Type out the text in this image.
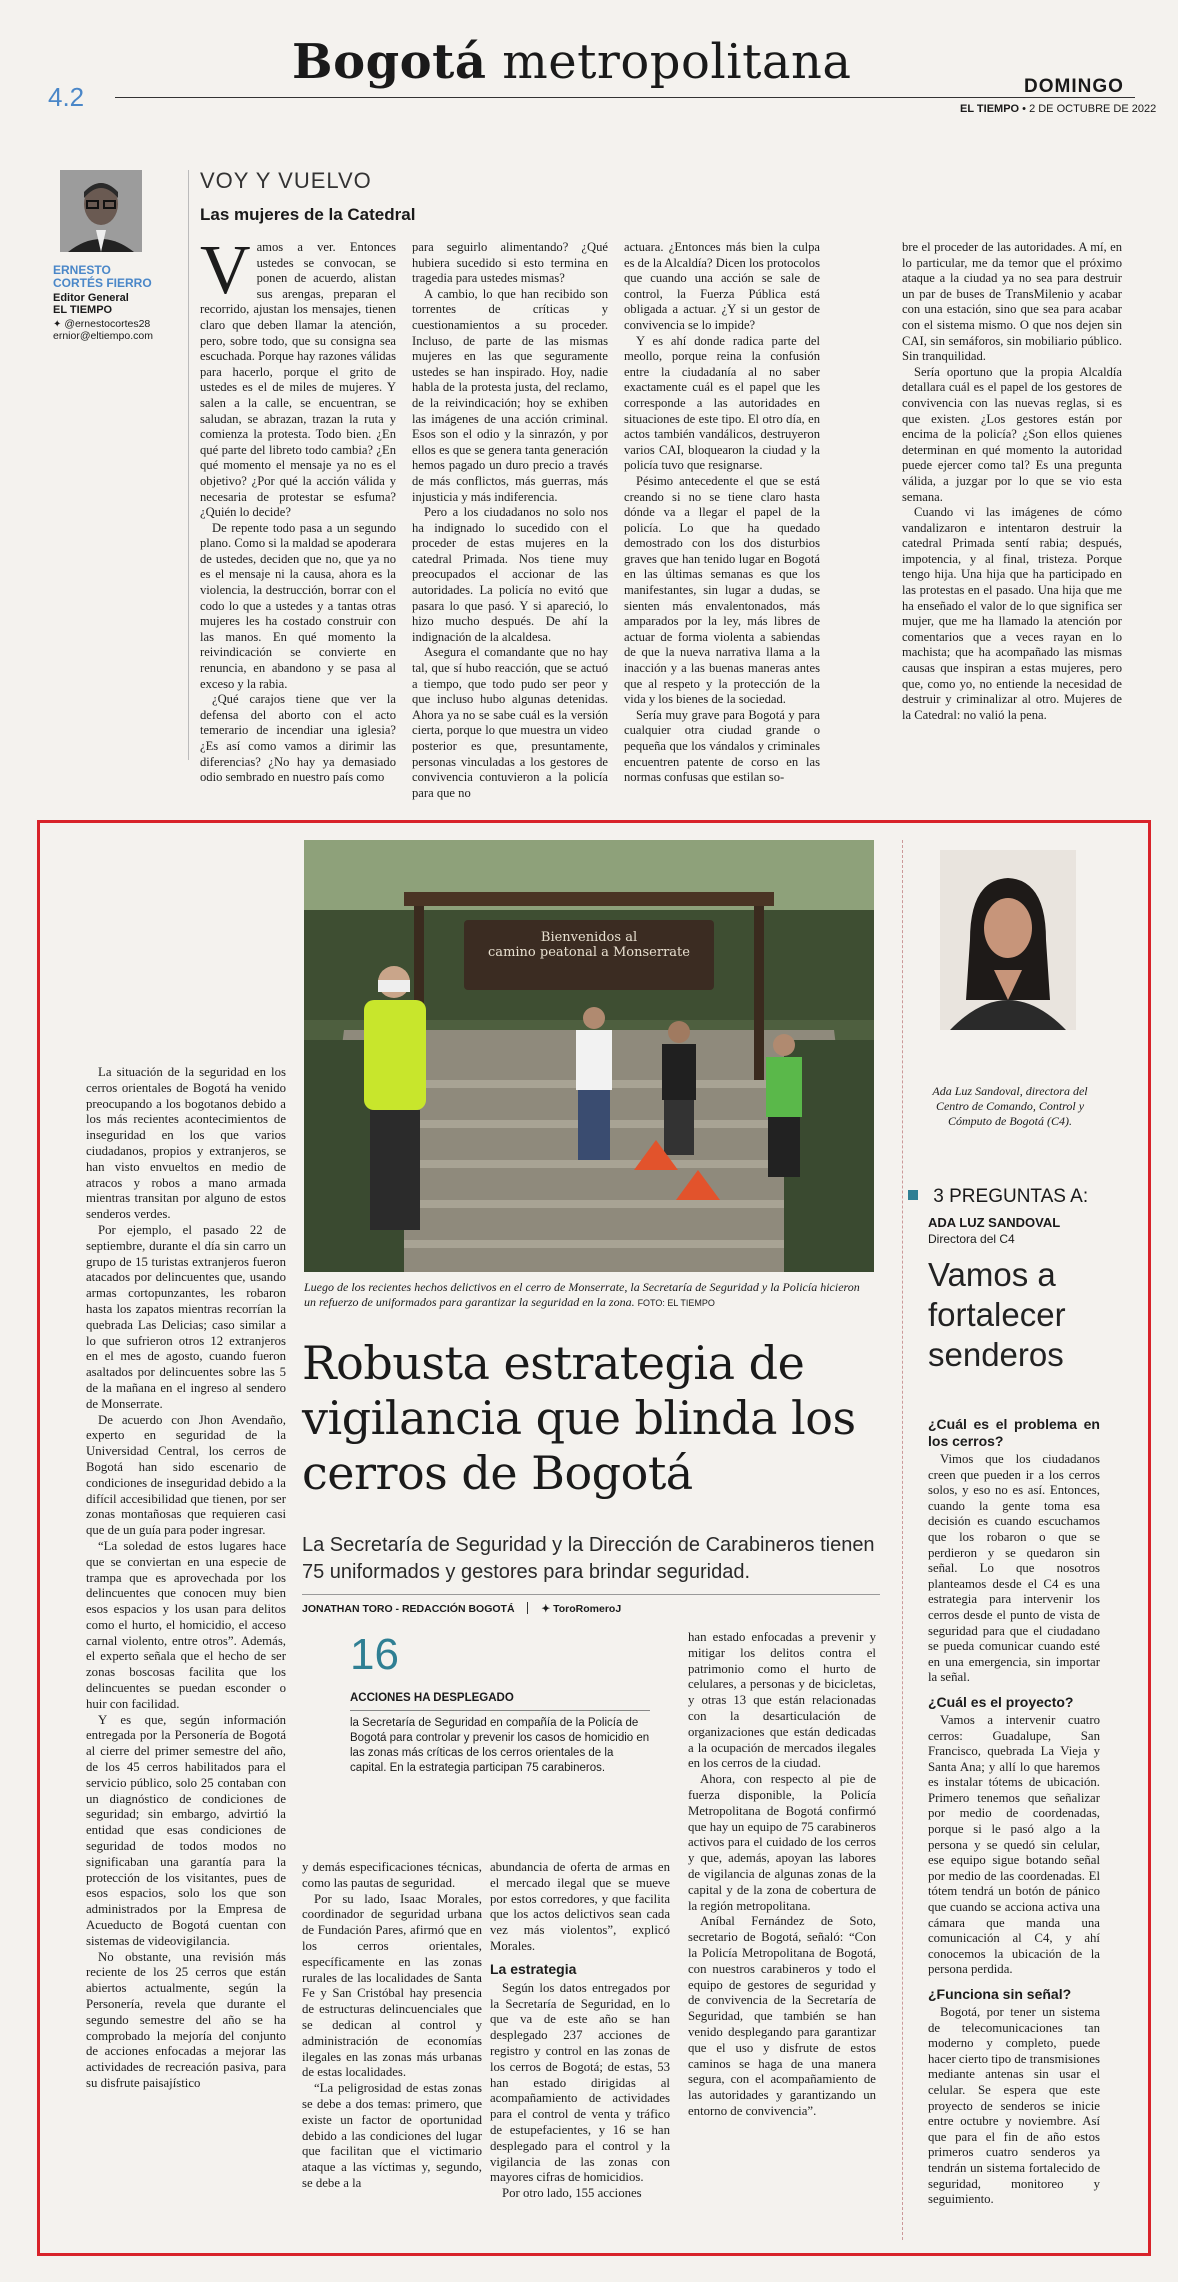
4.2
Bogotá metropolitana	DOMINGO
EL TIEMPO • 2 DE OCTUBRE DE 2022
ERNESTO CORTÉS FIERRO
Editor General
EL TIEMPO
✦ @ernestocortes28
ernior@eltiempo.com
VOY Y VUELVO
Las mujeres de la Catedral
V amos a ver. Entonces ustedes se convocan, se ponen de acuerdo, alistan sus arengas, preparan el recorrido, ajustan los mensajes, tienen claro que deben llamar la atención, pero, sobre todo, que su consigna sea escuchada. Porque hay razones válidas para hacerlo, porque el grito de ustedes es el de miles de mujeres. Y salen a la calle, se encuentran, se saludan, se abrazan, trazan la ruta y comienza la protesta. Todo bien. ¿En qué parte del libreto todo cambia? ¿En qué momento el mensaje ya no es el objetivo? ¿Por qué la acción válida y necesaria de protestar se esfuma? ¿Quién lo decide?

De repente todo pasa a un segundo plano. Como si la maldad se apoderara de ustedes, deciden que no, que ya no es el mensaje ni la causa, ahora es la violencia, la destrucción, borrar con el codo lo que a ustedes y a tantas otras mujeres les ha costado construir con las manos. En qué momento la reivindicación se convierte en renuncia, en abandono y se pasa al exceso y la rabia.

¿Qué carajos tiene que ver la defensa del aborto con el acto temerario de incendiar una iglesia? ¿Es así como vamos a dirimir las diferencias? ¿No hay ya demasiado odio sembrado en nuestro país como

para seguirlo alimentando? ¿Qué hubiera sucedido si esto termina en tragedia para ustedes mismas?

A cambio, lo que han recibido son torrentes de críticas y cuestionamientos a su proceder. Incluso, de parte de las mismas mujeres en las que seguramente ustedes se han inspirado. Hoy, nadie habla de la protesta justa, del reclamo, de la reivindicación; hoy se exhiben las imágenes de una acción criminal. Esos son el odio y la sinrazón, y por ellos es que se genera tanta generación hemos pagado un duro precio a través de más conflictos, más guerras, más injusticia y más indiferencia.

Pero a los ciudadanos no solo nos ha indignado lo sucedido con el proceder de estas mujeres en la catedral Primada. Nos tiene muy preocupados el accionar de las autoridades. La policía no evitó que pasara lo que pasó. Y si apareció, lo hizo mucho después. De ahí la indignación de la alcaldesa.

Asegura el comandante que no hay tal, que sí hubo reacción, que se actuó a tiempo, que todo pudo ser peor y que incluso hubo algunas detenidas. Ahora ya no se sabe cuál es la versión cierta, porque lo que muestra un video posterior es que, presuntamente, personas vinculadas a los gestores de convivencia contuvieron a la policía para que no

actuara. ¿Entonces más bien la culpa es de la Alcaldía? Dicen los protocolos que cuando una acción se sale de control, la Fuerza Pública está obligada a actuar. ¿Y si un gestor de convivencia se lo impide?

Y es ahí donde radica parte del meollo, porque reina la confusión entre la ciudadanía al no saber exactamente cuál es el papel que les corresponde a las autoridades en situaciones de este tipo. El otro día, en actos también vandálicos, destruyeron varios CAI, bloquearon la ciudad y la policía tuvo que resignarse.

Pésimo antecedente el que se está creando si no se tiene claro hasta dónde va a llegar el papel de la policía. Lo que ha quedado demostrado con los dos disturbios graves que han tenido lugar en Bogotá en las últimas semanas es que los manifestantes, sin lugar a dudas, se sienten más envalentonados, más amparados por la ley, más libres de actuar de forma violenta a sabiendas de que la nueva narrativa llama a la inacción y a las buenas maneras antes que al respeto y la protección de la vida y los bienes de la sociedad.

Sería muy grave para Bogotá y para cualquier otra ciudad grande o pequeña que los vándalos y criminales encuentren patente de corso en las normas confusas que estilan so-

bre el proceder de las autoridades. A mí, en lo particular, me da temor que el próximo ataque a la ciudad ya no sea para destruir un par de buses de TransMilenio y acabar con una estación, sino que sea para acabar con el sistema mismo. O que nos dejen sin CAI, sin semáforos, sin mobiliario público. Sin tranquilidad.

Sería oportuno que la propia Alcaldía detallara cuál es el papel de los gestores de convivencia con las nuevas reglas, si es que existen. ¿Los gestores están por encima de la policía? ¿Son ellos quienes determinan en qué momento la autoridad puede ejercer como tal? Es una pregunta válida, a juzgar por lo que se vio esta semana.

Cuando vi las imágenes de cómo vandalizaron e intentaron destruir la catedral Primada sentí rabia; después, impotencia, y al final, tristeza. Porque tengo hija. Una hija que ha participado en las protestas en el pasado. Una hija que me ha enseñado el valor de lo que significa ser mujer, que me ha llamado la atención por comentarios que a veces rayan en lo machista; que ha acompañado las mismas causas que inspiran a estas mujeres, pero que, como yo, no entiende la necesidad de destruir y criminalizar al otro. Mujeres de la Catedral: no valió la pena.

Bienvenidos al
camino peatonal a Monserrate
Luego de los recientes hechos delictivos en el cerro de Monserrate, la Secretaría de Seguridad y la Policía hicieron un refuerzo de uniformados para garantizar la seguridad en la zona. FOTO: EL TIEMPO
Robusta estrategia de vigilancia que blinda los cerros de Bogotá
La Secretaría de Seguridad y la Dirección de Carabineros tienen 75 uniformados y gestores para brindar seguridad.
JONATHAN TORO - REDACCIÓN BOGOTÁ	✦ ToroRomeroJ

La situación de la seguridad en los cerros orientales de Bogotá ha venido preocupando a los bogotanos debido a los más recientes acontecimientos de inseguridad en los que varios ciudadanos, propios y extranjeros, se han visto envueltos en medio de atracos y robos a mano armada mientras transitan por alguno de estos senderos verdes.

Por ejemplo, el pasado 22 de septiembre, durante el día sin carro un grupo de 15 turistas extranjeros fueron atacados por delincuentes que, usando armas cortopunzantes, les robaron hasta los zapatos mientras recorrían la quebrada Las Delicias; caso similar a lo que sufrieron otros 12 extranjeros en el mes de agosto, cuando fueron asaltados por delincuentes sobre las 5 de la mañana en el ingreso al sendero de Monserrate.

De acuerdo con Jhon Avendaño, experto en seguridad de la Universidad Central, los cerros de Bogotá han sido escenario de condiciones de inseguridad debido a la difícil accesibilidad que tienen, por ser zonas montañosas que requieren casi que de un guía para poder ingresar.

“La soledad de estos lugares hace que se conviertan en una especie de trampa que es aprovechada por los delincuentes que conocen muy bien esos espacios y los usan para delitos como el hurto, el homicidio, el acceso carnal violento, entre otros”. Además, el experto señala que el hecho de ser zonas boscosas facilita que los delincuentes se puedan esconder o huir con facilidad.

Y es que, según información entregada por la Personería de Bogotá al cierre del primer semestre del año, de los 45 cerros habilitados para el servicio público, solo 25 contaban con un diagnóstico de condiciones de seguridad; sin embargo, advirtió la entidad que esas condiciones de seguridad de todos modos no significaban una garantía para la protección de los visitantes, pues de esos espacios, solo los que son administrados por la Empresa de Acueducto de Bogotá cuentan con sistemas de videovigilancia.

No obstante, una revisión más reciente de los 25 cerros que están abiertos actualmente, según la Personería, revela que durante el segundo semestre del año se ha comprobado la mejoría del conjunto de acciones enfocadas a mejorar las actividades de recreación pasiva, para su disfrute paisajístico

16
ACCIONES HA DESPLEGADO
la Secretaría de Seguridad en compañía de la Policía de Bogotá para controlar y prevenir los casos de homicidio en las zonas más críticas de los cerros orientales de la capital. En la estrategia participan 75 carabineros.

y demás especificaciones técnicas, como las pautas de seguridad.

Por su lado, Isaac Morales, coordinador de seguridad urbana de Fundación Pares, afirmó que en los cerros orientales, específicamente en las zonas rurales de las localidades de Santa Fe y San Cristóbal hay presencia de estructuras delincuenciales que se dedican al control y administración de economías ilegales en las zonas más urbanas de estas localidades.

“La peligrosidad de estas zonas se debe a dos temas: primero, que existe un factor de oportunidad debido a las condiciones del lugar que facilitan que el victimario ataque a las víctimas y, segundo, se debe a la

abundancia de oferta de armas en el mercado ilegal que se mueve por estos corredores, y que facilita que los actos delictivos sean cada vez más violentos”, explicó Morales.

La estrategia

Según los datos entregados por la Secretaría de Seguridad, en lo que va de este año se han desplegado 237 acciones de registro y control en las zonas de los cerros de Bogotá; de estas, 53 han estado dirigidas al acompañamiento de actividades para el control de venta y tráfico de estupefacientes, y 16 se han desplegado para el control y la vigilancia de las zonas con mayores cifras de homicidios.

Por otro lado, 155 acciones

han estado enfocadas a prevenir y mitigar los delitos contra el patrimonio como el hurto de celulares, a personas y de bicicletas, y otras 13 que están relacionadas con la desarticulación de organizaciones que están dedicadas a la ocupación de mercados ilegales en los cerros de la ciudad.

Ahora, con respecto al pie de fuerza disponible, la Policía Metropolitana de Bogotá confirmó que hay un equipo de 75 carabineros activos para el cuidado de los cerros y que, además, apoyan las labores de vigilancia de algunas zonas de la capital y de la zona de cobertura de la región metropolitana.

Aníbal Fernández de Soto, secretario de Bogotá, señaló: “Con la Policía Metropolitana de Bogotá, con nuestros carabineros y todo el equipo de gestores de seguridad y de convivencia de la Secretaría de Seguridad, que también se han venido desplegando para garantizar que el uso y disfrute de estos caminos se haga de una manera segura, con el acompañamiento de las autoridades y garantizando un entorno de convivencia”.

Ada Luz Sandoval, directora del Centro de Comando, Control y Cómputo de Bogotá (C4).
3 PREGUNTAS A:
ADA LUZ SANDOVAL
Directora del C4
Vamos a fortalecer senderos
¿Cuál es el problema en los cerros?

Vimos que los ciudadanos creen que pueden ir a los cerros solos, y eso no es así. Entonces, cuando la gente toma esa decisión es cuando escuchamos que los robaron o que se perdieron y se quedaron sin señal. Lo que nosotros planteamos desde el C4 es una estrategia para intervenir los cerros desde el punto de vista de seguridad para que el ciudadano se pueda comunicar cuando esté en una emergencia, sin importar la señal.

¿Cuál es el proyecto?

Vamos a intervenir cuatro cerros: Guadalupe, San Francisco, quebrada La Vieja y Santa Ana; y allí lo que haremos es instalar tótems de ubicación. Primero tenemos que señalizar por medio de coordenadas, porque si le pasó algo a la persona y se quedó sin celular, ese equipo sigue botando señal por medio de las coordenadas. El tótem tendrá un botón de pánico que cuando se acciona activa una cámara que manda una comunicación al C4, y ahí conocemos la ubicación de la persona perdida.

¿Funciona sin señal?

Bogotá, por tener un sistema de telecomunicaciones tan moderno y completo, puede hacer cierto tipo de transmisiones mediante antenas sin usar el celular. Se espera que este proyecto de senderos se inicie entre octubre y noviembre. Así que para el fin de año estos primeros cuatro senderos ya tendrán un sistema fortalecido de seguridad, monitoreo y seguimiento.
